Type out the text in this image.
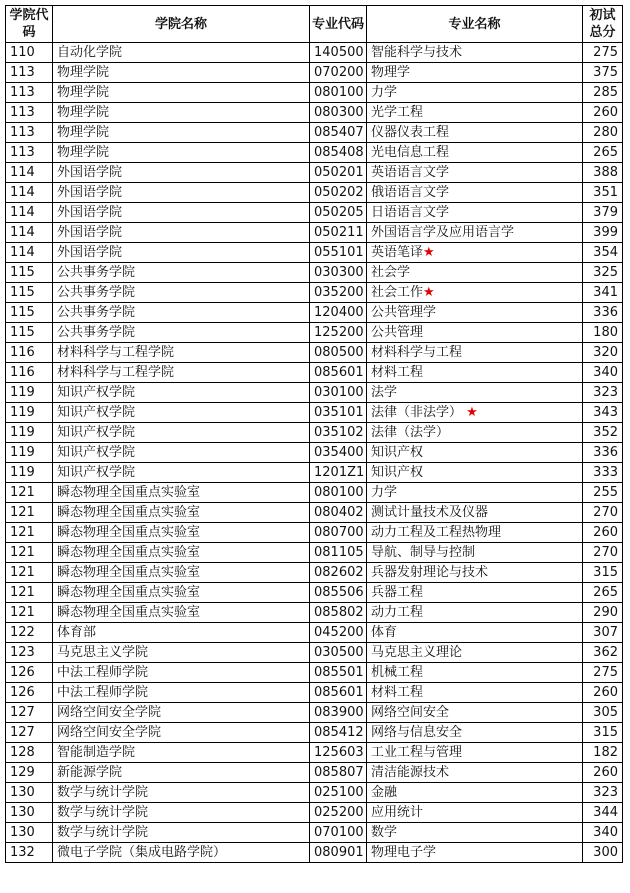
学院代码	学院名称	专业代码	专业名称	初试总分
110	自动化学院	140500	智能科学与技术	275
113	物理学院	070200	物理学	375
113	物理学院	080100	力学	285
113	物理学院	080300	光学工程	260
113	物理学院	085407	仪器仪表工程	280
113	物理学院	085408	光电信息工程	265
114	外国语学院	050201	英语语言文学	388
114	外国语学院	050202	俄语语言文学	351
114	外国语学院	050205	日语语言文学	379
114	外国语学院	050211	外国语言学及应用语言学	399
114	外国语学院	055101	英语笔译★	354
115	公共事务学院	030300	社会学	325
115	公共事务学院	035200	社会工作★	341
115	公共事务学院	120400	公共管理学	336
115	公共事务学院	125200	公共管理	180
116	材料科学与工程学院	080500	材料科学与工程	320
116	材料科学与工程学院	085601	材料工程	340
119	知识产权学院	030100	法学	323
119	知识产权学院	035101	法律（非法学） ★	343
119	知识产权学院	035102	法律（法学）	352
119	知识产权学院	035400	知识产权	336
119	知识产权学院	1201Z1	知识产权	333
121	瞬态物理全国重点实验室	080100	力学	255
121	瞬态物理全国重点实验室	080402	测试计量技术及仪器	270
121	瞬态物理全国重点实验室	080700	动力工程及工程热物理	260
121	瞬态物理全国重点实验室	081105	导航、制导与控制	270
121	瞬态物理全国重点实验室	082602	兵器发射理论与技术	315
121	瞬态物理全国重点实验室	085506	兵器工程	265
121	瞬态物理全国重点实验室	085802	动力工程	290
122	体育部	045200	体育	307
123	马克思主义学院	030500	马克思主义理论	362
126	中法工程师学院	085501	机械工程	275
126	中法工程师学院	085601	材料工程	260
127	网络空间安全学院	083900	网络空间安全	305
127	网络空间安全学院	085412	网络与信息安全	315
128	智能制造学院	125603	工业工程与管理	182
129	新能源学院	085807	清洁能源技术	260
130	数学与统计学院	025100	金融	323
130	数学与统计学院	025200	应用统计	344
130	数学与统计学院	070100	数学	340
132	微电子学院（集成电路学院）	080901	物理电子学	300
